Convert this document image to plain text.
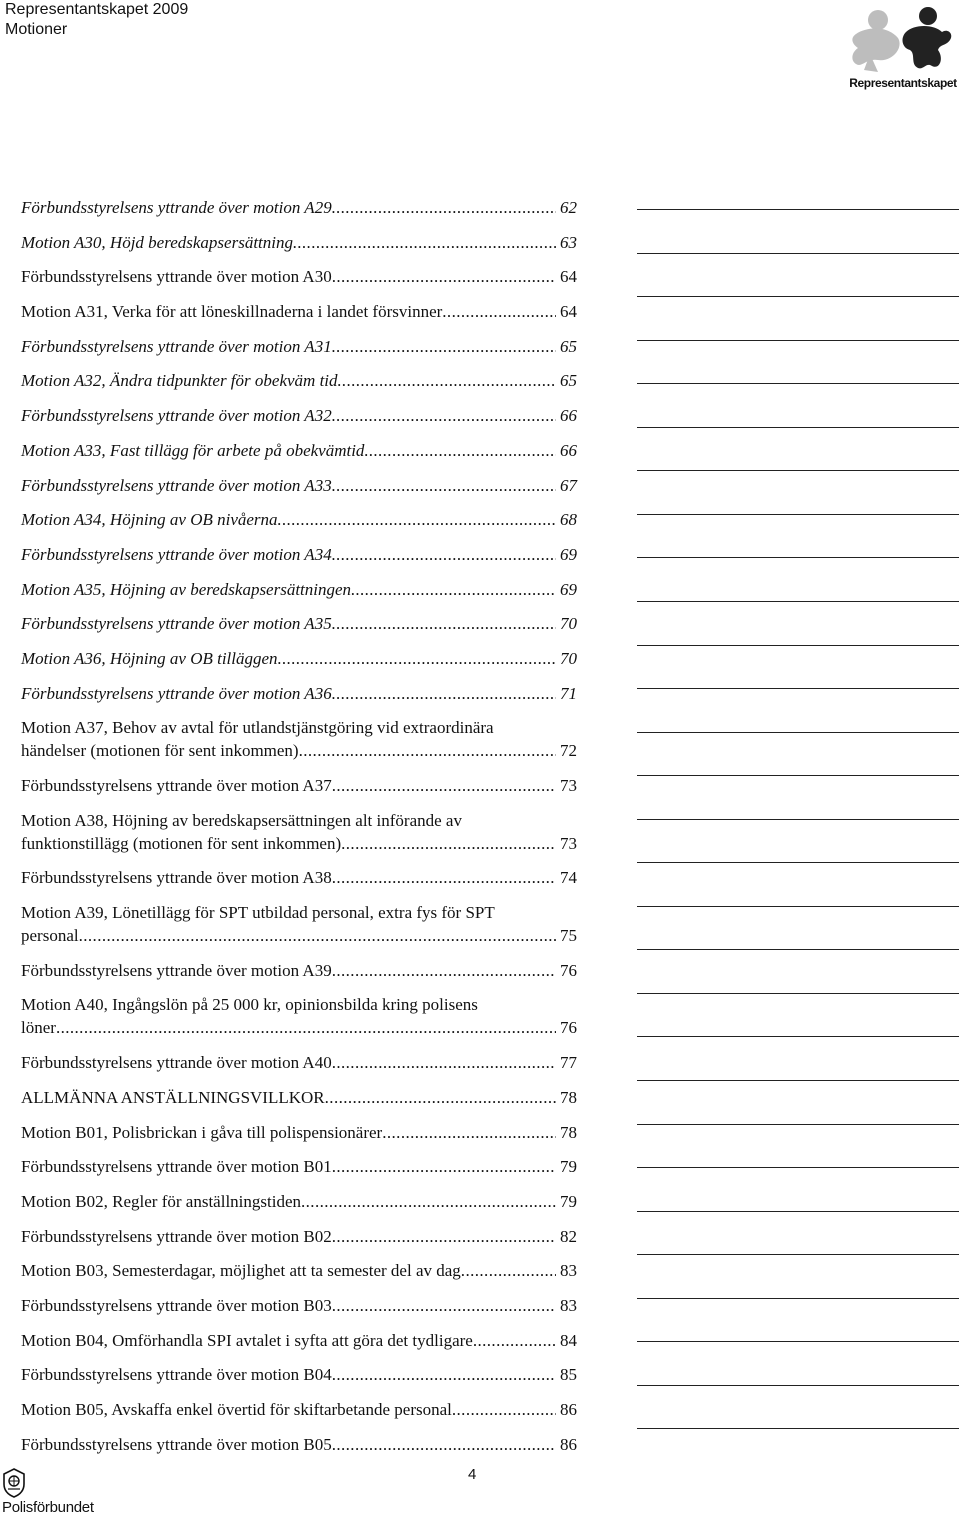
Representantskapet 2009
Motioner
Representantskapet
Förbundsstyrelsens yttrande över motion A29 .....	62
Motion A30, Höjd beredskapsersättning .....	63
Förbundsstyrelsens yttrande över motion A30 .....	64
Motion A31, Verka för att löneskillnaderna i landet försvinner .....	64
Förbundsstyrelsens yttrande över motion A31 .....	65
Motion A32, Ändra tidpunkter för obekväm tid .....	65
Förbundsstyrelsens yttrande över motion A32 .....	66
Motion A33, Fast tillägg för arbete på obekvämtid .....	66
Förbundsstyrelsens yttrande över motion A33 .....	67
Motion A34, Höjning av OB nivåerna .....	68
Förbundsstyrelsens yttrande över motion A34 .....	69
Motion A35, Höjning av beredskapsersättningen .....	69
Förbundsstyrelsens yttrande över motion A35 .....	70
Motion A36, Höjning av OB tilläggen .....	70
Förbundsstyrelsens yttrande över motion A36 .....	71
Motion A37, Behov av avtal för utlandstjänstgöring vid extraordinära
händelser (motionen för sent inkommen) .....	72
Förbundsstyrelsens yttrande över motion A37 .....	73
Motion A38, Höjning av beredskapsersättningen alt införande av
funktionstillägg (motionen för sent inkommen) .....	73
Förbundsstyrelsens yttrande över motion A38 .....	74
Motion A39, Lönetillägg för SPT utbildad personal, extra fys för SPT
personal .....	75
Förbundsstyrelsens yttrande över motion A39 .....	76
Motion A40, Ingångslön på 25 000 kr, opinionsbilda kring polisens
löner .....	76
Förbundsstyrelsens yttrande över motion A40 .....	77
ALLMÄNNA ANSTÄLLNINGSVILLKOR .....	78
Motion B01, Polisbrickan i gåva till polispensionärer .....	78
Förbundsstyrelsens yttrande över motion B01 .....	79
Motion B02, Regler för anställningstiden .....	79
Förbundsstyrelsens yttrande över motion B02 .....	82
Motion B03, Semesterdagar, möjlighet att ta semester del av dag .....	83
Förbundsstyrelsens yttrande över motion B03 .....	83
Motion B04, Omförhandla SPI avtalet i syfta att göra det tydligare .....	84
Förbundsstyrelsens yttrande över motion B04 .....	85
Motion B05, Avskaffa enkel övertid för skiftarbetande personal .....	86
Förbundsstyrelsens yttrande över motion B05 .....	86
4
Polisförbundet
